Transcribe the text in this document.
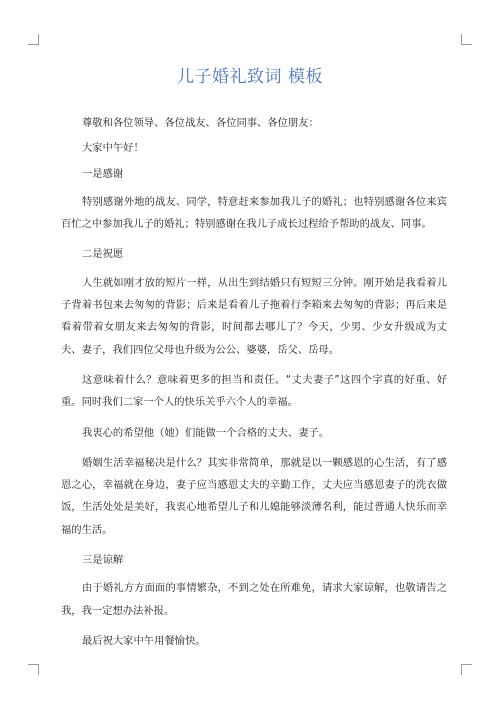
儿子婚礼致词 模板

尊敬和各位领导、各位战友、各位同事、各位朋友：

大家中午好！

一是感谢

特别感谢外地的战友、同学，特意赶来参加我儿子的婚礼；也特别感谢各位来宾百忙之中参加我儿子的婚礼；特别感谢在我儿子成长过程给予帮助的战友、同事。

二是祝愿

人生就如刚才放的短片一样，从出生到结婚只有短短三分钟。刚开始是我看着儿子背着书包来去匆匆的背影；后来是看着儿子拖着行李箱来去匆匆的背影；再后来是看着带着女朋友来去匆匆的背影，时间都去哪儿了？今天，少男、少女升级成为丈夫、妻子，我们四位父母也升级为公公、婆婆，岳父、岳母。

这意味着什么？意味着更多的担当和责任。“丈夫妻子”这四个字真的好重、好重。同时我们二家一个人的快乐关乎六个人的幸福。

我衷心的希望他（她）们能做一个合格的丈夫、妻子。

婚姻生活幸福秘决是什么？其实非常简单，那就是以一颗感恩的心生活，有了感恩之心，幸福就在身边，妻子应当感恩丈夫的辛勤工作，丈夫应当感恩妻子的洗衣做饭，生活处处是美好，我衷心地希望儿子和儿媳能够淡薄名利，能过普通人快乐而幸福的生活。

三是谅解

由于婚礼方方面面的事情繁杂，不到之处在所难免，请求大家谅解，也敬请告之我，我一定想办法补报。

最后祝大家中午用餐愉快。
